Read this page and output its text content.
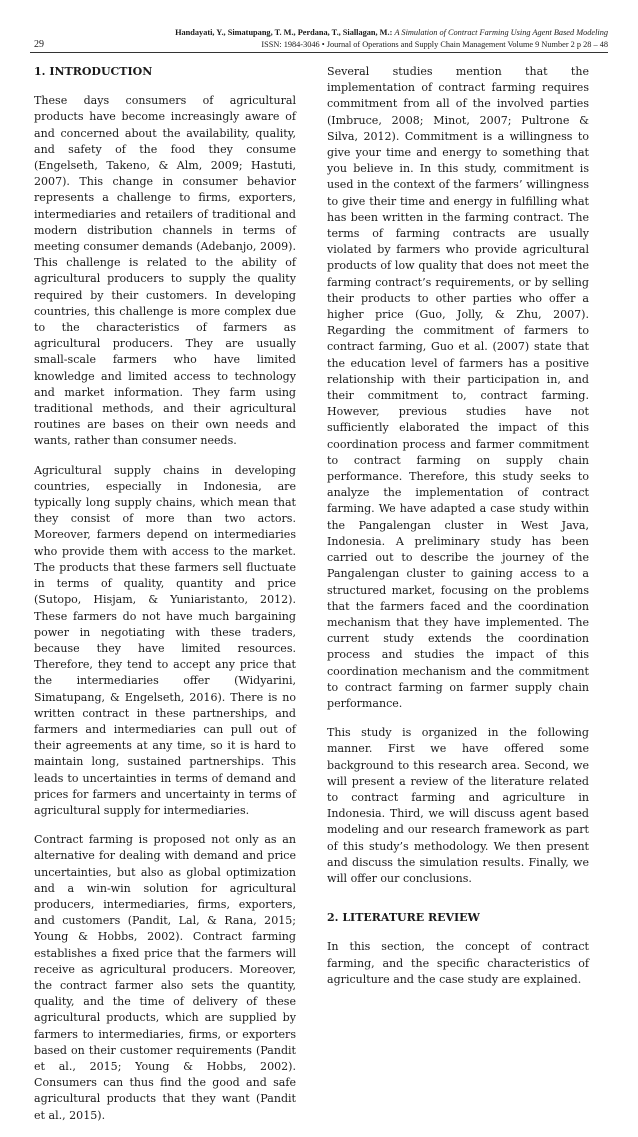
29
Handayati, Y., Simatupang, T. M., Perdana, T., Siallagan, M.: A Simulation of Contract Farming Using Agent Based Modeling
ISSN: 1984-3046 • Journal of Operations and Supply Chain Management Volume 9 Number 2 p 28 – 48
1. INTRODUCTION

These days consumers of agricultural products have become increasingly aware of and concerned about the availability, quality, and safety of the food they consume (Engelseth, Takeno, & Alm, 2009; Hastuti, 2007). This change in consumer behavior represents a challenge to firms, exporters, intermediaries and retailers of traditional and modern distribution channels in terms of meeting consumer demands (Adebanjo, 2009). This challenge is related to the ability of agricultural producers to supply the quality required by their customers. In developing countries, this challenge is more complex due to the characteristics of farmers as agricultural producers. They are usually small-scale farmers who have limited knowledge and limited access to technology and market information. They farm using traditional methods, and their agricultural routines are bases on their own needs and wants, rather than consumer needs.

Agricultural supply chains in developing countries, especially in Indonesia, are typically long supply chains, which mean that they consist of more than two actors. Moreover, farmers depend on intermediaries who provide them with access to the market. The products that these farmers sell fluctuate in terms of quality, quantity and price (Sutopo, Hisjam, & Yuniaristanto, 2012). These farmers do not have much bargaining power in negotiating with these traders, because they have limited resources. Therefore, they tend to accept any price that the intermediaries offer (Widyarini, Simatupang, & Engelseth, 2016). There is no written contract in these partnerships, and farmers and intermediaries can pull out of their agreements at any time, so it is hard to maintain long, sustained partnerships. This leads to uncertainties in terms of demand and prices for farmers and uncertainty in terms of agricultural supply for intermediaries.

Contract farming is proposed not only as an alternative for dealing with demand and price uncertainties, but also as global optimization and a win-win solution for agricultural producers, intermediaries, firms, exporters, and customers (Pandit, Lal, & Rana, 2015; Young & Hobbs, 2002). Contract farming establishes a fixed price that the farmers will receive as agricultural producers. Moreover, the contract farmer also sets the quantity, quality, and the time of delivery of these agricultural products, which are supplied by farmers to intermediaries, firms, or exporters based on their customer requirements (Pandit et al., 2015; Young & Hobbs, 2002). Consumers can thus find the good and safe agricultural products that they want (Pandit et al., 2015).

Several studies mention that the implementation of contract farming requires commitment from all of the involved parties (Imbruce, 2008; Minot, 2007; Pultrone & Silva, 2012). Commitment is a willingness to give your time and energy to something that you believe in. In this study, commitment is used in the context of the farmers’ willingness to give their time and energy in fulfilling what has been written in the farming contract. The terms of farming contracts are usually violated by farmers who provide agricultural products of low quality that does not meet the farming contract’s requirements, or by selling their products to other parties who offer a higher price (Guo, Jolly, & Zhu, 2007). Regarding the commitment of farmers to contract farming, Guo et al. (2007) state that the education level of farmers has a positive relationship with their participation in, and their commitment to, contract farming. However, previous studies have not sufficiently elaborated the impact of this coordination process and farmer commitment to contract farming on supply chain performance. Therefore, this study seeks to analyze the implementation of contract farming. We have adapted a case study within the Pangalengan cluster in West Java, Indonesia. A preliminary study has been carried out to describe the journey of the Pangalengan cluster to gaining access to a structured market, focusing on the problems that the farmers faced and the coordination mechanism that they have implemented. The current study extends the coordination process and studies the impact of this coordination mechanism and the commitment to contract farming on farmer supply chain performance.

This study is organized in the following manner. First we have offered some background to this research area. Second, we will present a review of the literature related to contract farming and agriculture in Indonesia. Third, we will discuss agent based modeling and our research framework as part of this study’s methodology. We then present and discuss the simulation results. Finally, we will offer our conclusions.

2. LITERATURE REVIEW

In this section, the concept of contract farming, and the specific characteristics of agriculture and the case study are explained.
